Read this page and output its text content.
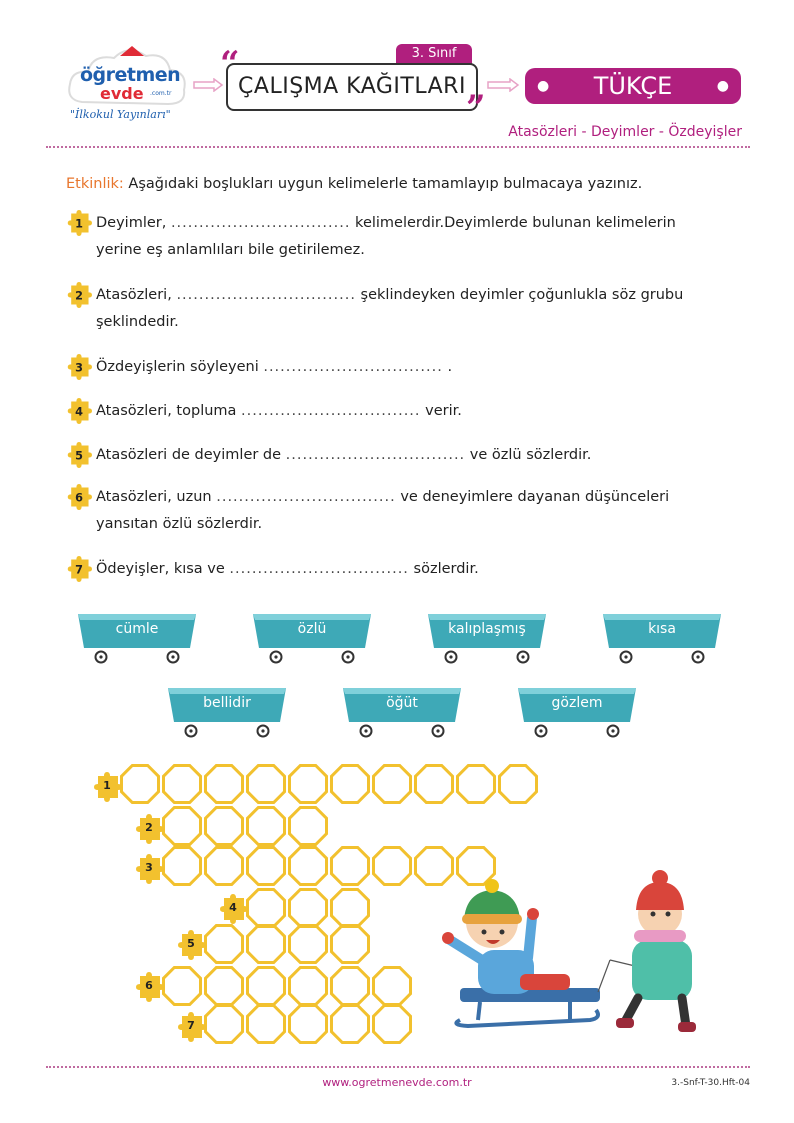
öğretmen
evde .com.tr
"İlkokul Yayınları"
3. Sınıf
ÇALIŞMA KAĞITLARI
“
”
● TÜKÇE	●
Atasözleri - Deyimler - Özdeyişler
Etkinlik: Aşağıdaki boşlukları uygun kelimelerle tamamlayıp bulmacaya yazınız.
1 Deyimler, ................................ kelimelerdir.Deyimlerde bulunan kelimelerin yerine eş anlamlıları bile getirilemez.
2 Atasözleri, ................................ şeklindeyken deyimler çoğunlukla söz grubu şeklindedir.
3 Özdeyişlerin söyleyeni ................................ .
4 Atasözleri, topluma ................................ verir.
5 Atasözleri de deyimler de ................................ ve özlü sözlerdir.
6 Atasözleri, uzun ................................ ve deneyimlere dayanan düşünceleri yansıtan özlü sözlerdir.
7 Ödeyişler, kısa ve ................................ sözlerdir.
cümle	özlü	kalıplaşmış	kısa
bellidir	öğüt	gözlem
1
2
3
4
5
6
7
www.ogretmenevde.com.tr	3.-Snf-T-30.Hft-04
